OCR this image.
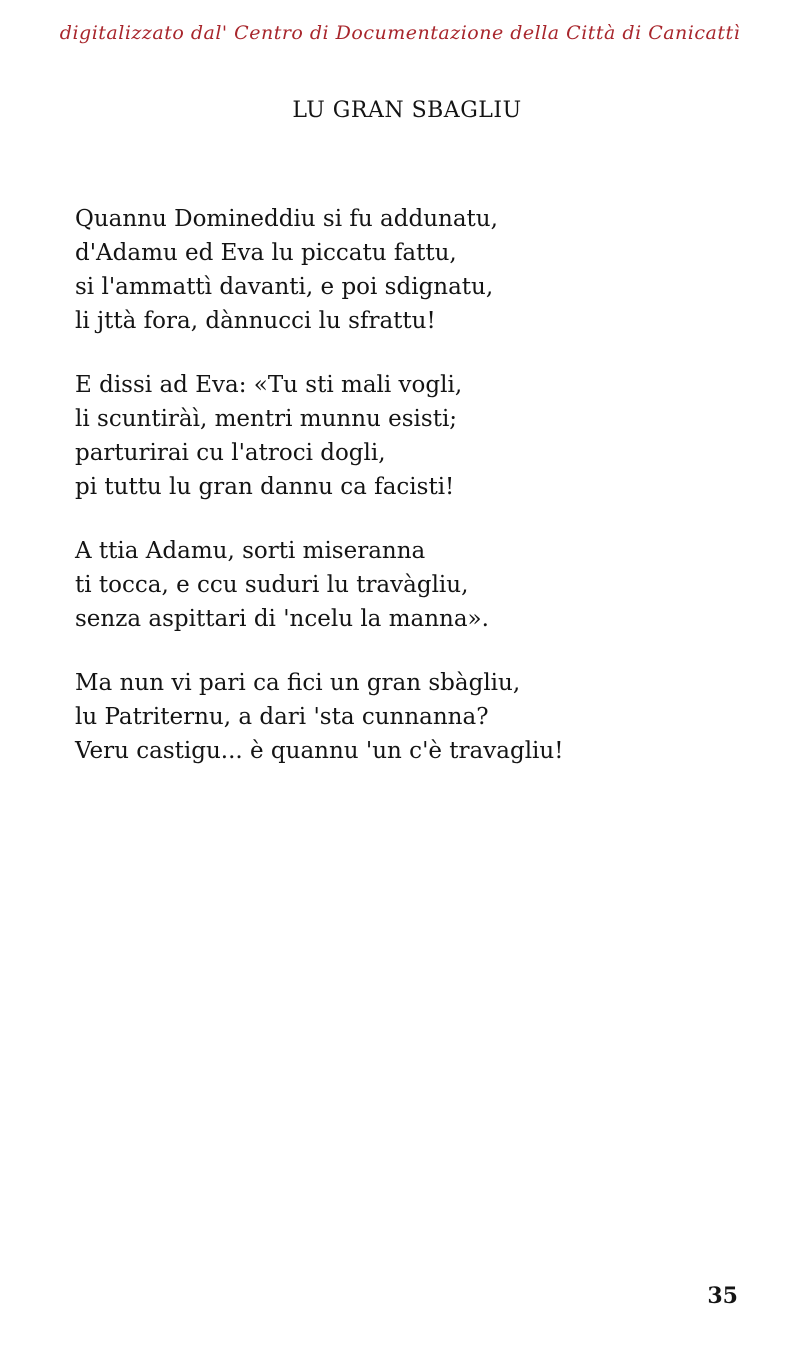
digitalizzato dal' Centro di Documentazione della Città di Canicattì
LU GRAN SBAGLIU
Quannu Domineddiu si fu addunatu,
d'Adamu ed Eva lu piccatu fattu,
si l'ammattì davanti, e poi sdignatu,
li jttà fora, dànnucci lu sfrattu!
E dissi ad Eva: «Tu sti mali vogli,
li scuntiràì, mentri munnu esisti;
parturirai cu l'atroci dogli,
pi tuttu lu gran dannu ca facisti!
A ttia Adamu, sorti miseranna
ti tocca, e ccu suduri lu travàgliu,
senza aspittari di 'ncelu la manna».
Ma nun vi pari ca fici un gran sbàgliu,
lu Patriternu, a dari 'sta cunnanna?
Veru castigu... è quannu 'un c'è travagliu!
35
